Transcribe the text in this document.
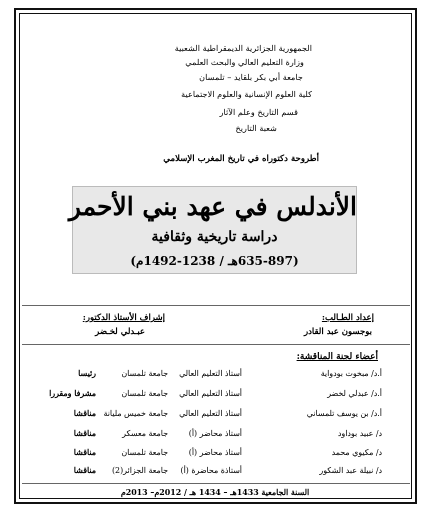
الجمهورية الجزائرية الديمقراطية الشعبية
وزارة التعليم العالي والبحث العلمي
جامعة أبي بكر بلقايد – تلمسان
كلية العلوم الإنسانية والعلوم الاجتماعية
قسم التاريخ وعلم الآثار
شعبة التاريخ
أطروحة دكتوراه في تاريخ المغرب الإسلامي
الأندلس في عهد بني الأحمر
دراسة تاريخية وثقافية
(635-897هـ / 1238-1492م)
إعداد الطـالب:
بوجسون عبد القادر
إشراف الأستاذ الدكتور:
عبـدلي لخـضر
أعضاء لجنة المناقشة:
أ.د/ مبخوت بودواية
أستاذ التعليم العالي
جامعة تلمسان
رئيسا
أ.د/ عبدلي لخضر
أستاذ التعليم العالي
جامعة تلمسان
مشرفا ومقررا
أ.د/ بن يوسف تلمساني
أستاذ التعليم العالي
جامعة خميس مليانة
مناقشا
د/ عبيد بوداود
أستاذ محاضر (أ)
جامعة معسكر
مناقشا
د/ مكيوي محمد
أستاذ محاضر (أ)
جامعة تلمسان
مناقشا
د/ نبيلة عبد الشكور
أستاذة محاضرة (أ)
جامعة الجزائر(2)
مناقشا
السنة الجامعية 1433هـ – 1434 هـ / 2012م– 2013م
